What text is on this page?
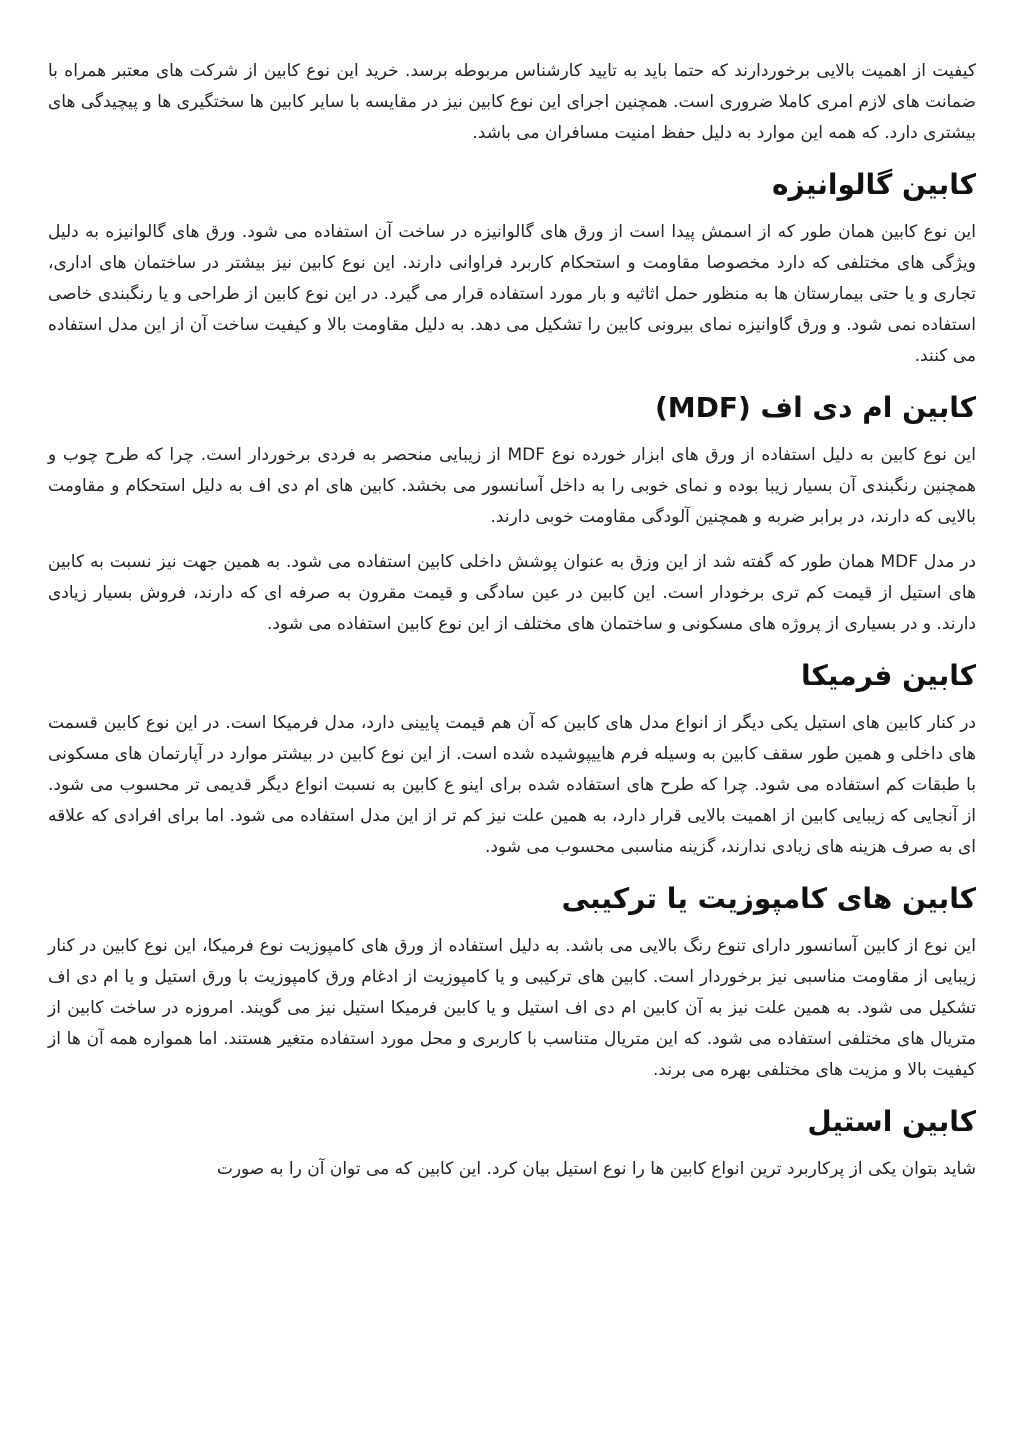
کیفیت از اهمیت بالایی برخوردارند که حتما باید به تایید کارشناس مربوطه برسد. خرید این نوع کابین از شرکت های معتبر همراه با ضمانت های لازم امری کاملا ضروری است. همچنین اجرای این نوع کابین نیز در مقایسه با سایر کابین ها سختگیری ها و پیچیدگی های بیشتری دارد. که همه این موارد به دلیل حفظ امنیت مسافران می باشد.

کابین گالوانیزه

این نوع کابین همان طور که از اسمش پیدا است از ورق های گالوانیزه در ساخت آن استفاده می شود. ورق های گالوانیزه به دلیل ویژگی های مختلفی که دارد مخصوصا مقاومت و استحکام کاربرد فراوانی دارند. این نوع کابین نیز بیشتر در ساختمان های اداری، تجاری و یا حتی بیمارستان ها به منظور حمل اثاثیه و بار مورد استفاده قرار می گیرد. در این نوع کابین از طراحی و یا رنگبندی خاصی استفاده نمی شود. و ورق گاوانیزه نمای بیرونی کابین را تشکیل می دهد. به دلیل مقاومت بالا و کیفیت ساخت آن از این مدل استفاده می کنند.

کابین ام دی اف (MDF)

این نوع کابین به دلیل استفاده از ورق های ابزار خورده نوع MDF از زیبایی منحصر به فردی برخوردار است. چرا که طرح چوب و همچنین رنگبندی آن بسیار زیبا بوده و نمای خوبی را به داخل آسانسور می بخشد. کابین های ام دی اف به دلیل استحکام و مقاومت بالایی که دارند، در برابر ضربه و همچنین آلودگی مقاومت خوبی دارند.

در مدل MDF همان طور که گفته شد از این وزق به عنوان پوشش داخلی کابین استفاده می شود. به همین جهت نیز نسبت به کابین های استیل از قیمت کم تری برخودار است. این کابین در عین سادگی و قیمت مقرون به صرفه ای که دارند، فروش بسیار زیادی دارند. و در بسیاری از پروژه های مسکونی و ساختمان های مختلف از این نوع کابین استفاده می شود.

کابین فرمیکا

در کنار کابین های استیل یکی دیگر از انواع مدل های کابین که آن هم قیمت پایینی دارد، مدل فرمیکا است. در این نوع کابین قسمت های داخلی و همین طور سقف کابین به وسیله فرم هاییپوشیده شده است. از این نوع کابین در بیشتر موارد در آپارتمان های مسکونی با طبقات کم استفاده می شود. چرا که طرح های استفاده شده برای اینو ع کابین به نسبت انواع دیگر قدیمی تر محسوب می شود. از آنجایی که زیبایی کابین از اهمیت بالایی قرار دارد، به همین علت نیز کم تر از این مدل استفاده می شود. اما برای افرادی که علاقه ای به صرف هزینه های زیادی ندارند، گزینه مناسبی محسوب می شود.

کابین های کامپوزیت یا ترکیبی

این نوع از کابین آسانسور دارای تنوع رنگ بالایی می باشد. به دلیل استفاده از ورق های کامپوزیت نوع فرمیکا، این نوع کابین در کنار زیبایی از مقاومت مناسبی نیز برخوردار است. کابین های ترکیبی و یا کامپوزیت از ادغام ورق کامپوزیت با ورق استیل و یا ام دی اف تشکیل می شود. به همین علت نیز به آن کابین ام دی اف استیل و یا کابین فرمیکا استیل نیز می گویند. امروزه در ساخت کابین از متریال های مختلفی استفاده می شود. که این متریال متناسب با کاربری و محل مورد استفاده متغیر هستند. اما همواره همه آن ها از کیفیت بالا و مزیت های مختلفی بهره می برند.

کابین استیل

شاید بتوان یکی از پرکاربرد ترین انواع کابین ها را نوع استیل بیان کرد. این کابین که می توان آن را به صورت
